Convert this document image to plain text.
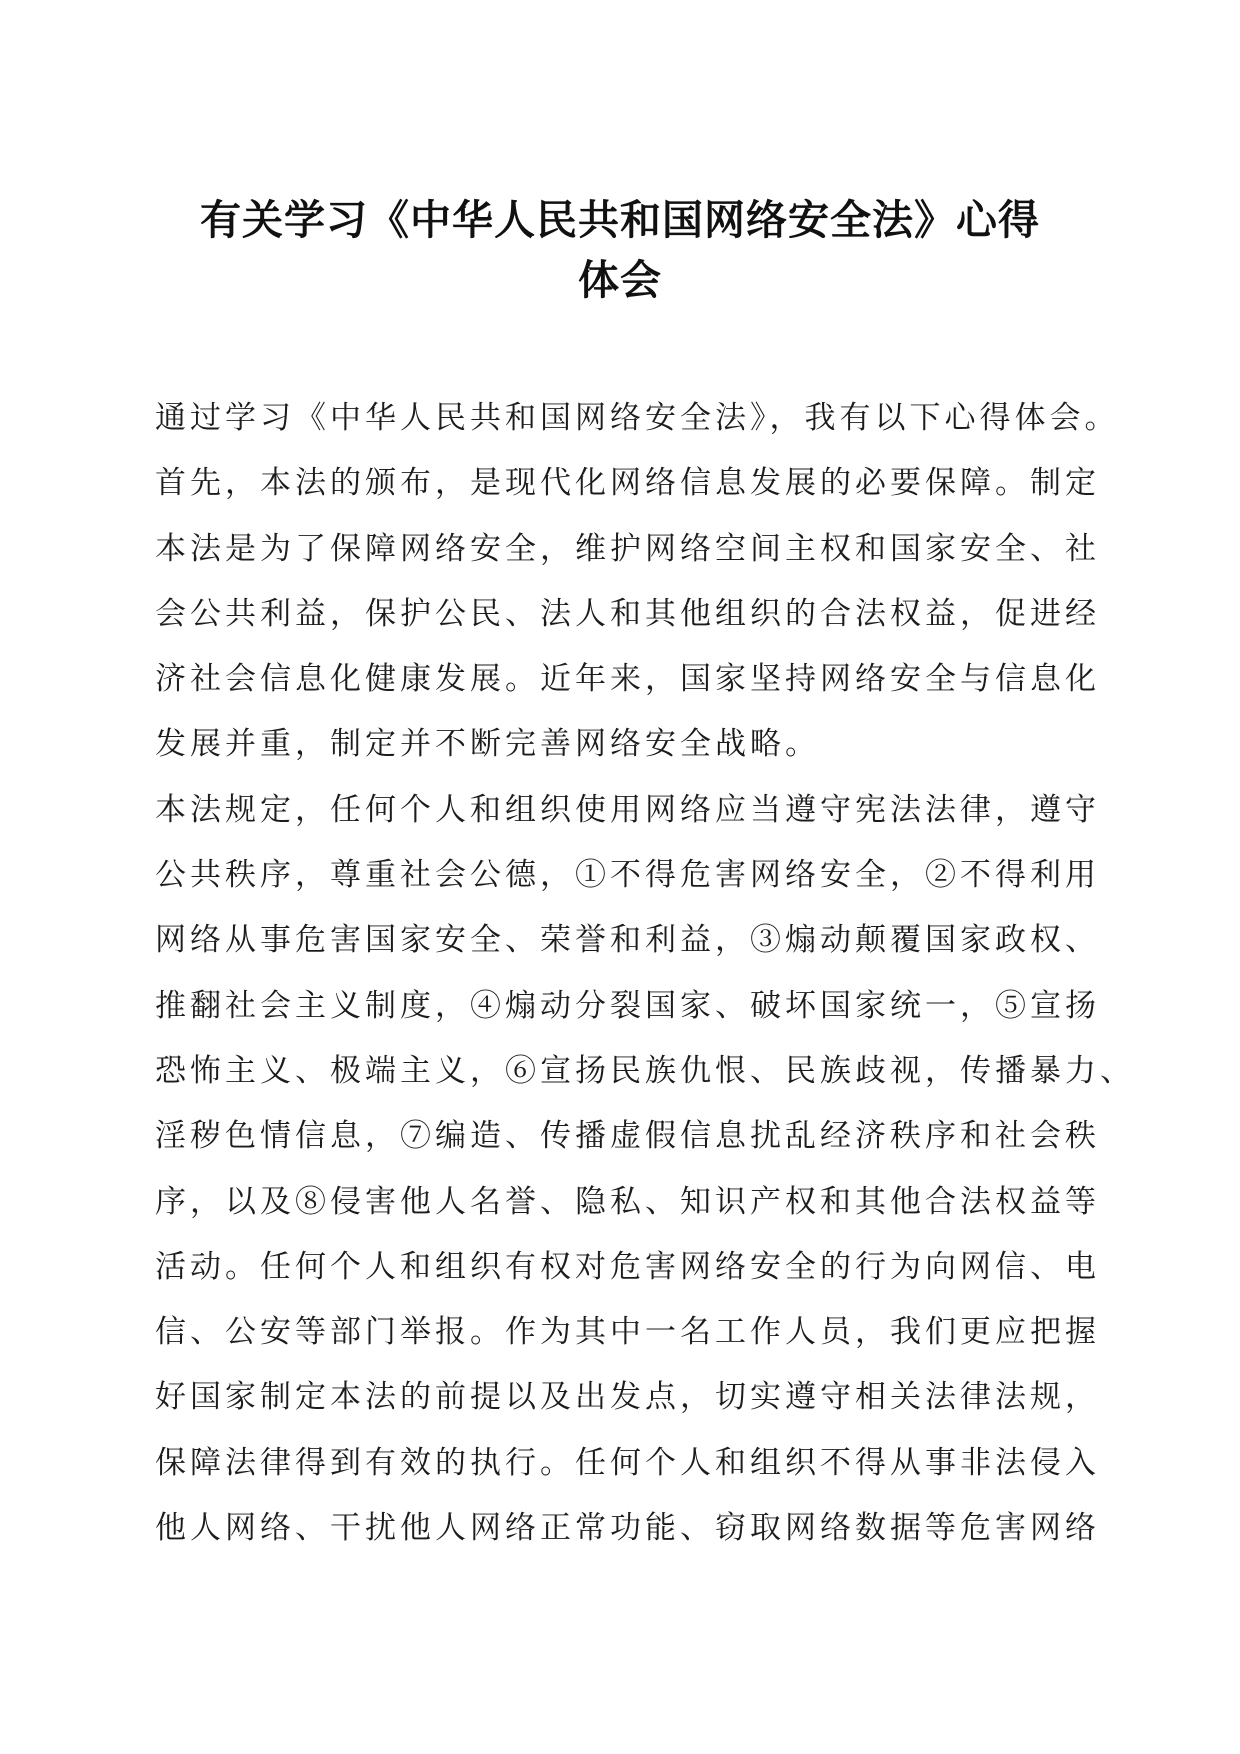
有关学习《中华人民共和国网络安全法》心得
体会
通过学习《中华人民共和国网络安全法》，我有以下心得体会。
首先，本法的颁布，是现代化网络信息发展的必要保障。制定
本法是为了保障网络安全，维护网络空间主权和国家安全、社
会公共利益，保护公民、法人和其他组织的合法权益，促进经
济社会信息化健康发展。近年来，国家坚持网络安全与信息化
发展并重，制定并不断完善网络安全战略。
本法规定，任何个人和组织使用网络应当遵守宪法法律，遵守
公共秩序，尊重社会公德，①不得危害网络安全，②不得利用
网络从事危害国家安全、荣誉和利益，③煽动颠覆国家政权、
推翻社会主义制度，④煽动分裂国家、破坏国家统一，⑤宣扬
恐怖主义、极端主义，⑥宣扬民族仇恨、民族歧视，传播暴力、
淫秽色情信息，⑦编造、传播虚假信息扰乱经济秩序和社会秩
序，以及⑧侵害他人名誉、隐私、知识产权和其他合法权益等
活动。任何个人和组织有权对危害网络安全的行为向网信、电
信、公安等部门举报。作为其中一名工作人员，我们更应把握
好国家制定本法的前提以及出发点，切实遵守相关法律法规，
保障法律得到有效的执行。任何个人和组织不得从事非法侵入
他人网络、干扰他人网络正常功能、窃取网络数据等危害网络
